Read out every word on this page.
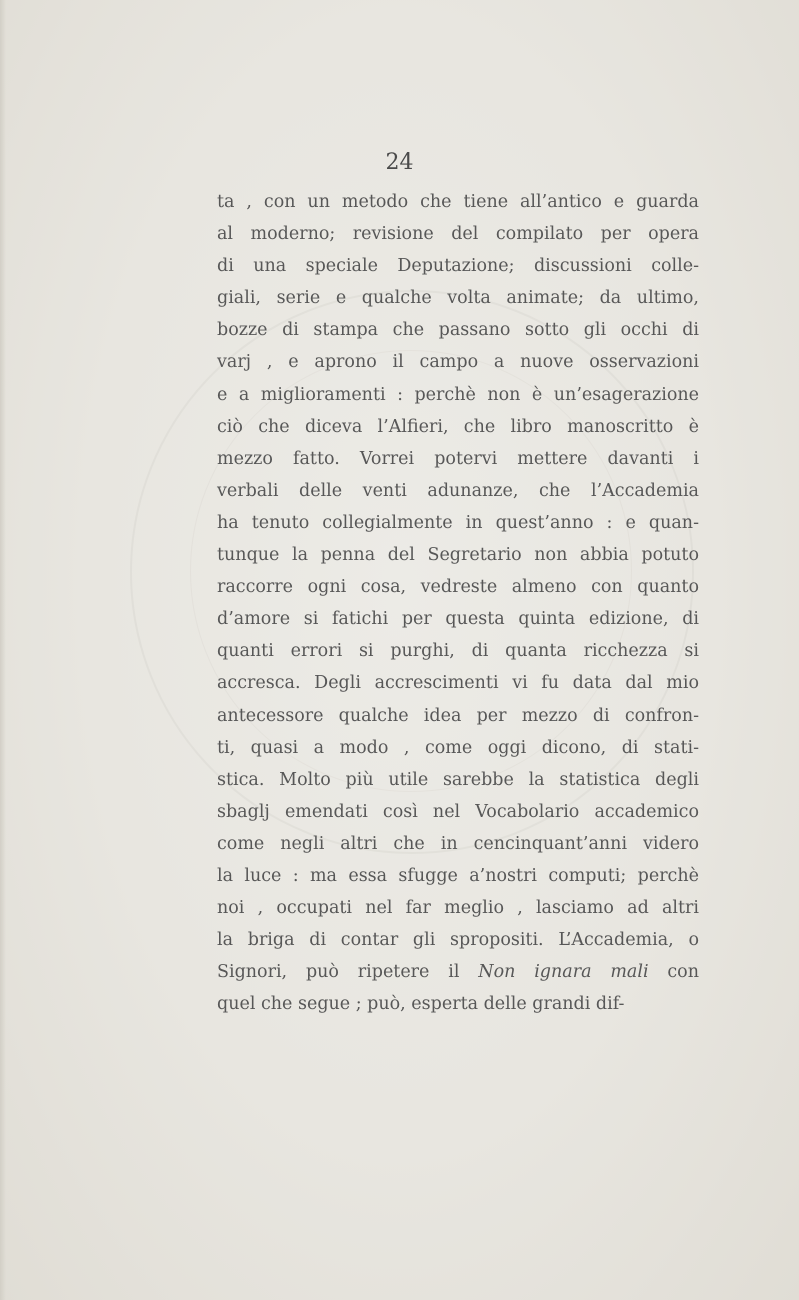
24

ta , con un metodo che tiene all’antico e guarda
al moderno; revisione del compilato per opera
di una speciale Deputazione; discussioni colle-
giali, serie e qualche volta animate; da ultimo,
bozze di stampa che passano sotto gli occhi di
varj , e aprono il campo a nuove osservazioni
e a miglioramenti : perchè non è un’esagerazione
ciò che diceva l’Alfieri, che libro manoscritto è
mezzo fatto. Vorrei potervi mettere davanti i
verbali delle venti adunanze, che l’Accademia
ha tenuto collegialmente in quest’anno : e quan-
tunque la penna del Segretario non abbia potuto
raccorre ogni cosa, vedreste almeno con quanto
d’amore si fatichi per questa quinta edizione, di
quanti errori si purghi, di quanta ricchezza si
accresca. Degli accrescimenti vi fu data dal mio
antecessore qualche idea per mezzo di confron-
ti, quasi a modo , come oggi dicono, di stati-
stica. Molto più utile sarebbe la statistica degli
sbaglj emendati così nel Vocabolario accademico
come negli altri che in cencinquant’anni videro
la luce : ma essa sfugge a’nostri computi; perchè
noi , occupati nel far meglio , lasciamo ad altri
la briga di contar gli spropositi. L’Accademia, o
Signori, può ripetere il Non ignara mali con
quel che segue ; può, esperta delle grandi dif-
